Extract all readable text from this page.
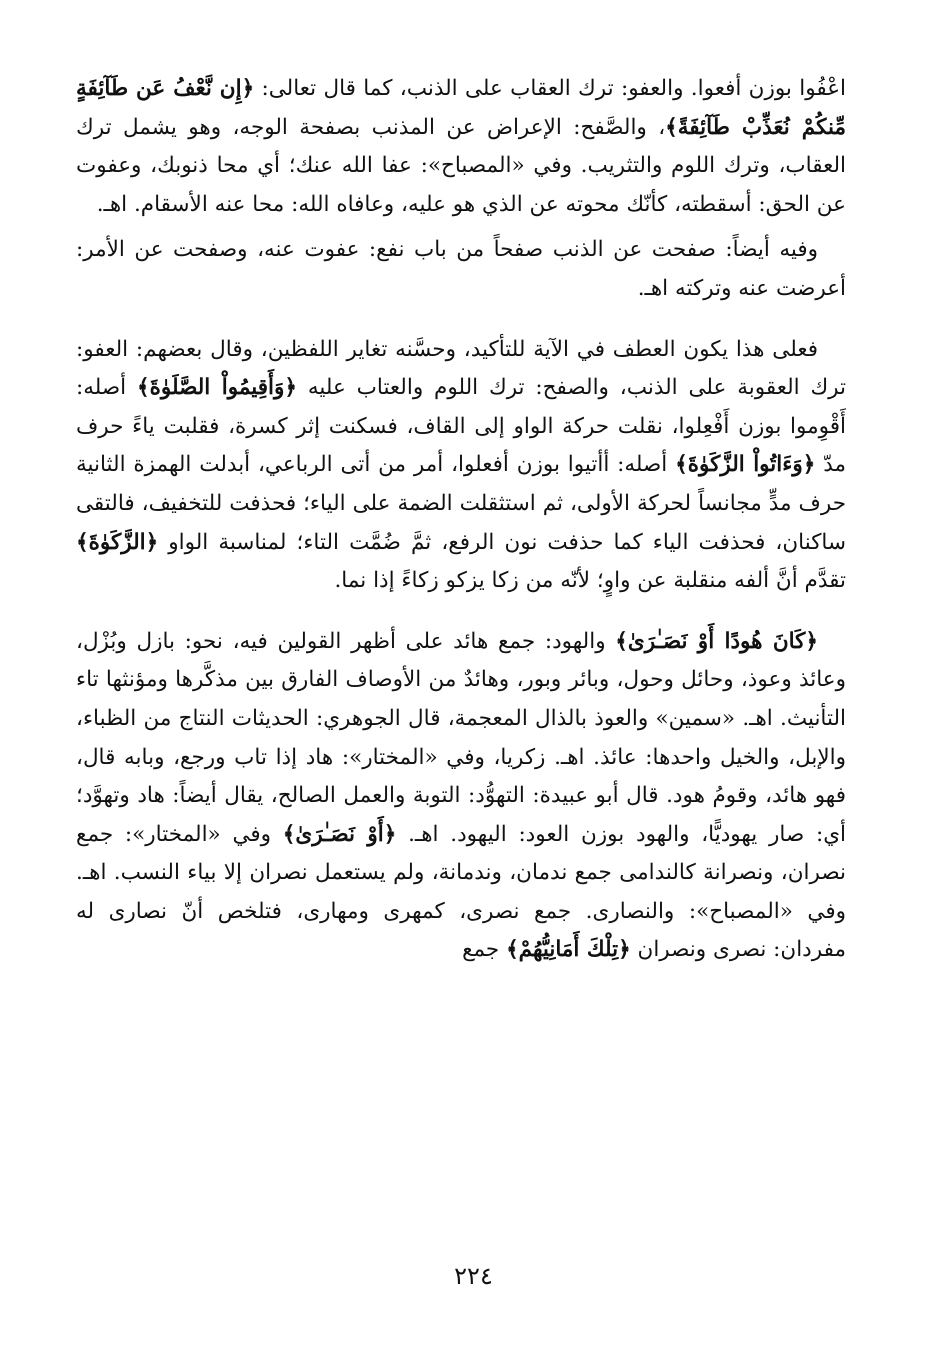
اعْفُوا بوزن أفعوا. والعفو: ترك العقاب على الذنب، كما قال تعالى: ﴿إِن نَّعْفُ عَن طَآئِفَةٍ مِّنكُمْ نُعَذِّبْ طَآئِفَةً﴾، والصَّفح: الإعراض عن المذنب بصفحة الوجه، وهو يشمل ترك العقاب، وترك اللوم والتثريب. وفي «المصباح»: عفا الله عنك؛ أي محا ذنوبك، وعفوت عن الحق: أسقطته، كأنّك محوته عن الذي هو عليه، وعافاه الله: محا عنه الأسقام. اهـ.

وفيه أيضاً: صفحت عن الذنب صفحاً من باب نفع: عفوت عنه، وصفحت عن الأمر: أعرضت عنه وتركته اهـ.

فعلى هذا يكون العطف في الآية للتأكيد، وحسَّنه تغاير اللفظين، وقال بعضهم: العفو: ترك العقوبة على الذنب، والصفح: ترك اللوم والعتاب عليه ﴿وَأَقِيمُواْ الصَّلَوٰةَ﴾ أصله: أَقْوِموا بوزن أَفْعِلوا، نقلت حركة الواو إلى القاف، فسكنت إثر كسرة، فقلبت ياءً حرف مدّ ﴿وَءَاتُواْ الزَّكَوٰةَ﴾ أصله: أأتيوا بوزن أفعلوا، أمر من أتى الرباعي، أبدلت الهمزة الثانية حرف مدٍّ مجانساً لحركة الأولى، ثم استثقلت الضمة على الياء؛ فحذفت للتخفيف، فالتقى ساكنان، فحذفت الياء كما حذفت نون الرفع، ثمَّ ضُمَّت التاء؛ لمناسبة الواو ﴿الزَّكَوٰةَ﴾ تقدَّم أنَّ ألفه منقلبة عن واوٍ؛ لأنّه من زكا يزكو زكاءً إذا نما.

﴿كَانَ هُودًا أَوْ نَصَـٰرَىٰ﴾ والهود: جمع هائد على أظهر القولين فيه، نحو: بازل وبُزْل، وعائذ وعوذ، وحائل وحول، وبائر وبور، وهائدٌ من الأوصاف الفارق بين مذكَّرها ومؤنثها تاء التأنيث. اهـ. «سمين» والعوذ بالذال المعجمة، قال الجوهري: الحديثات النتاج من الظباء، والإبل، والخيل واحدها: عائذ. اهـ. زكريا، وفي «المختار»: هاد إذا تاب ورجع، وبابه قال، فهو هائد، وقومُ هود. قال أبو عبيدة: التهوُّد: التوبة والعمل الصالح، يقال أيضاً: هاد وتهوَّد؛ أي: صار يهوديًّا، والهود بوزن العود: اليهود. اهـ. ﴿أَوْ نَصَـٰرَىٰ﴾ وفي «المختار»: جمع نصران، ونصرانة كالندامى جمع ندمان، وندمانة، ولم يستعمل نصران إلا بياء النسب. اهـ. وفي «المصباح»: والنصارى. جمع نصرى، كمهرى ومهارى، فتلخص أنّ نصارى له مفردان: نصرى ونصران ﴿تِلْكَ أَمَانِيُّهُمْ﴾ جمع

٢٢٤
